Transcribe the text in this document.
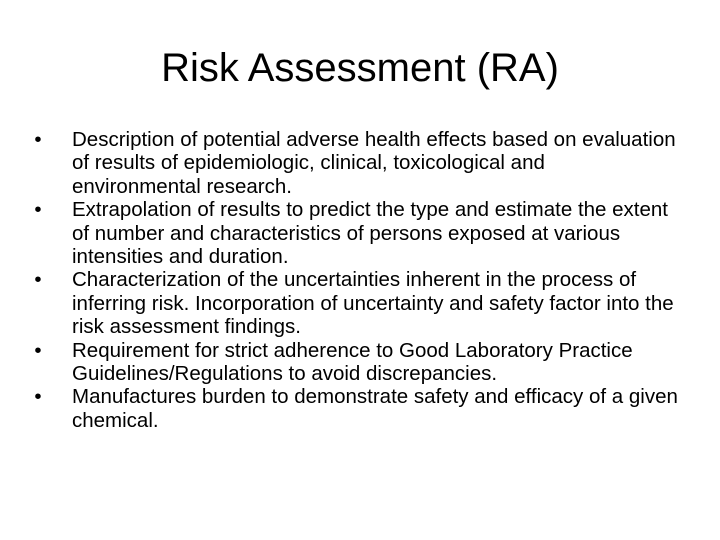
Risk Assessment (RA)
•	Description of potential adverse health effects based on evaluation of results of epidemiologic, clinical, toxicological and environmental research.
•	Extrapolation of results to predict the type and estimate the extent of number and characteristics of persons exposed at various intensities and duration.
•	Characterization of the uncertainties inherent in the process of inferring risk. Incorporation of uncertainty and safety factor into the risk assessment findings.
•	Requirement for strict adherence to Good Laboratory Practice Guidelines/Regulations to avoid discrepancies.
•	Manufactures burden to demonstrate safety and efficacy of a given chemical.
